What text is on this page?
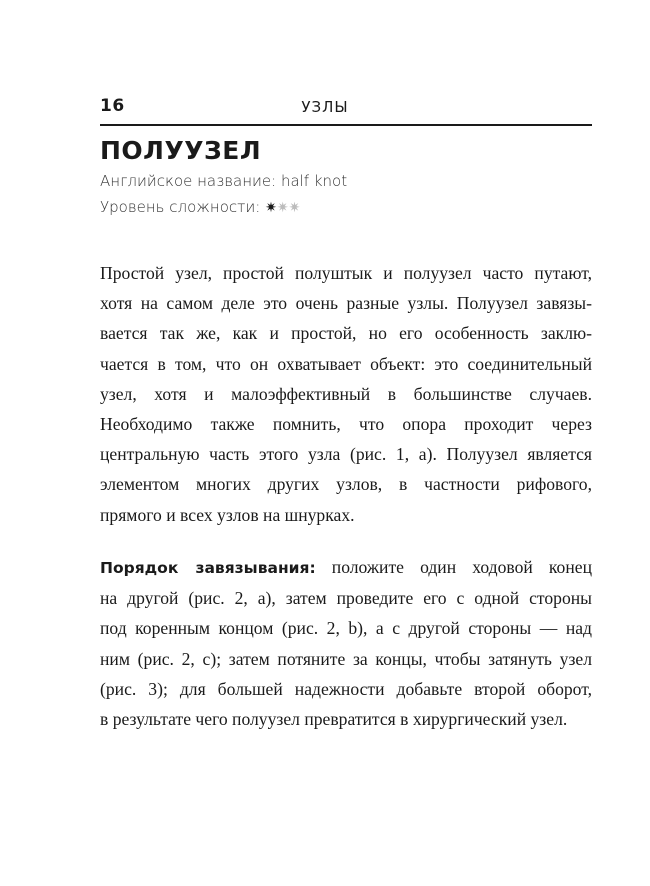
16	УЗЛЫ
ПОЛУУЗЕЛ
Английское название: half knot
Уровень сложности: ✷✷✷
Простой узел, простой полуштык и полуузел часто путают,
хотя на самом деле это очень разные узлы. Полуузел завязы-
вается так же, как и простой, но его особенность заклю-
чается в том, что он охватывает объект: это соединительный
узел, хотя и малоэффективный в большинстве случаев.
Необходимо также помнить, что опора проходит через
центральную часть этого узла (рис. 1, а). Полуузел является
элементом многих других узлов, в частности рифового,
прямого и всех узлов на шнурках.
Порядок завязывания: положите один ходовой конец
на другой (рис. 2, a), затем проведите его с одной стороны
под коренным концом (рис. 2, b), а с другой стороны — над
ним (рис. 2, с); затем потяните за концы, чтобы затянуть узел
(рис. 3); для большей надежности добавьте второй оборот,
в результате чего полуузел превратится в хирургический узел.
